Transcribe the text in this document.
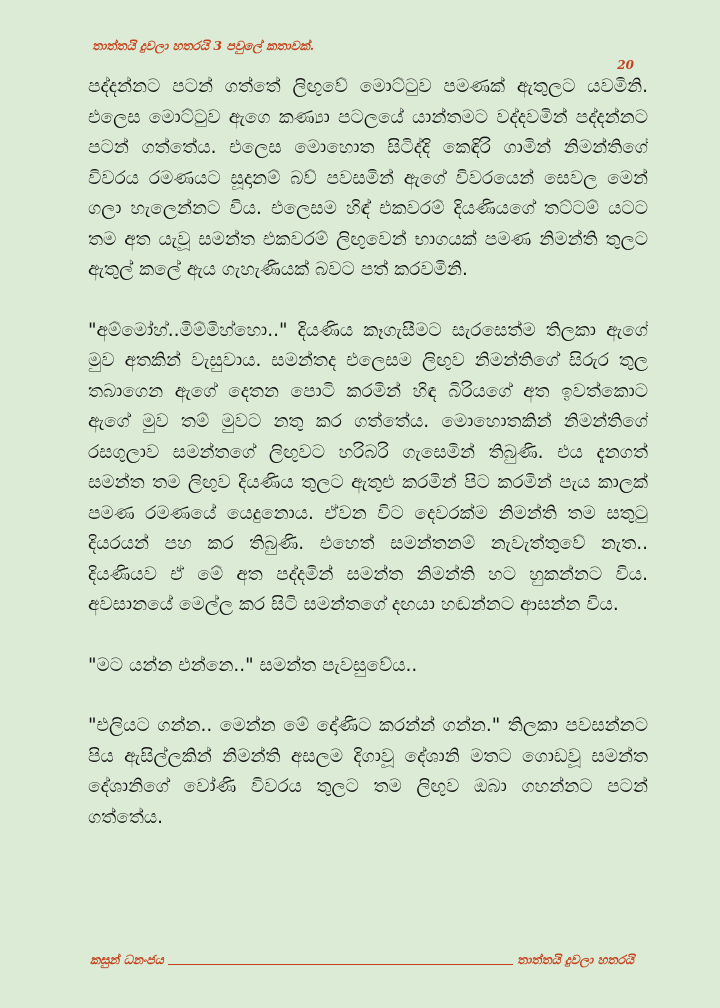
තාත්තයි දුවලා හතරයි 3 පවුලේ කතාවක්.
20

පද්දන්නට පටන් ගත්තේ ලිඟුවේ මොට්ටුව පමණක් ඇතුලට යවමිනි. එලෙස මොට්ටුව ඇගෙ කණ්‍යා පටලයේ යාන්තමට වද්දවමින් පද්දන්නට පටන් ගත්තේය. එලෙස මොහොත සිටිද්දි කෙඳිරි ගාමින් නිමන්තිගේ විවරය රමණයට සූදානම් බව් පවසමින් ඇගේ විවරයෙන් සෙවල මෙන් ගලා හැලෙන්නට විය. එලෙසම හිඳ් එකවරම් දියණියගේ තට්ටම් යටට තම අත යැවූ සමන්ත එකවරම් ලිඟුවෙන් භාගයක් පමණ නිමන්ති තුලට ඇතුල් කලේ ඇය ගැහැණියක් බවට පත් කරවමිනි.

"අම්මෝහ්..මිම්මිහ්හො.." දියණිය කෑගැසීමට සැරසෙත්ම තිලකා ඇගේ මුව අතකින් වැසුවාය. සමන්තද එලෙසම ලිඟුව නිමන්තිගේ සිරුර තුල තබාගෙන ඇගේ දෙතන පොටි කරමින් හිඳ බිරියගේ අත ඉවත්කොට ඇගේ මුව තම් මුවට නතු කර ගත්තේය. මොහොතකින් නිමන්තිගේ රසගුලාව සමන්තගේ ලිඟුවට හරිබරි ගැසෙමින් තිබුණි. එය දැනගත් සමන්ත තම ලිඟුව දියණිය තුලට ඇතුළු කරමින් පිට කරමින් පැය කාලක් පමණ රමණයේ යෙදුනොය. ඒවන විට දෙවරක්ම නිමන්ති තම සතුටු දියරයන් පහ කර තිබුණි. එහෙත් සමන්තනම් නැවැත්තුවේ නැත.. දියණියව ඒ මේ අත පද්දමින් සමන්ත නිමන්ති හට හුකන්නට විය. අවසානයේ මෙල්ල කර සිටි සමන්තගේ දඟයා හඬන්නට ආසන්න විය.

"මට යන්න එන්නෙ.." සමන්ත පැවසුවේය..

"එලියට ගන්න.. මෙන්න මේ දෝණිට කරන්න් ගන්න." තිලකා පවසන්නට පිය ඇසිල්ලකින් නිමන්ති අසලම දිගාවූ දේශානි මතට ගොඩවූ සමන්ත දේශානිගේ වෝණි විවරය තුලට තම ලිඟුව ඔබා ගහන්නට පටන් ගත්තේය.

කසුන් ධනංජය	තාත්තයි දුවලා හතරයි
